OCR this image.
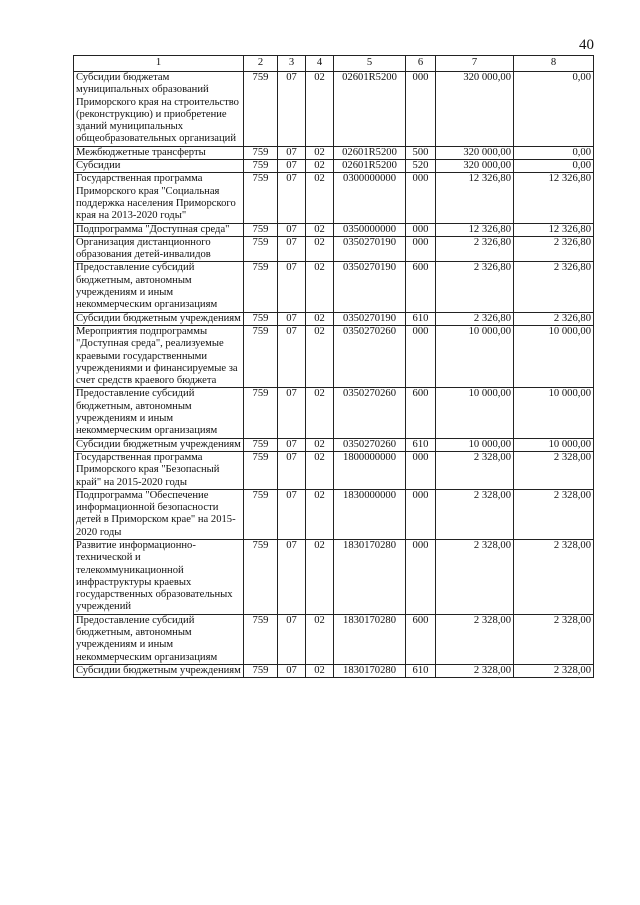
40
1	2	3	4	5	6	7	8
Субсидии бюджетам муниципальных образований Приморского края на строительство (реконструкцию) и приобретение зданий муниципальных общеобразовательных организаций	759	07	02	02601R5200	000	320 000,00	0,00
Межбюджетные трансферты	759	07	02	02601R5200	500	320 000,00	0,00
Субсидии	759	07	02	02601R5200	520	320 000,00	0,00
Государственная программа Приморского края "Социальная поддержка населения Приморского края на 2013-2020 годы"	759	07	02	0300000000	000	12 326,80	12 326,80
Подпрограмма "Доступная среда"	759	07	02	0350000000	000	12 326,80	12 326,80
Организация дистанционного образования детей-инвалидов	759	07	02	0350270190	000	2 326,80	2 326,80
Предоставление субсидий бюджетным, автономным учреждениям и иным некоммерческим организациям	759	07	02	0350270190	600	2 326,80	2 326,80
Субсидии бюджетным учреждениям	759	07	02	0350270190	610	2 326,80	2 326,80
Мероприятия подпрограммы "Доступная среда", реализуемые краевыми государственными учреждениями и финансируемые за счет средств краевого бюджета	759	07	02	0350270260	000	10 000,00	10 000,00
Предоставление субсидий бюджетным, автономным учреждениям и иным некоммерческим организациям	759	07	02	0350270260	600	10 000,00	10 000,00
Субсидии бюджетным учреждениям	759	07	02	0350270260	610	10 000,00	10 000,00
Государственная программа Приморского края "Безопасный край" на 2015-2020 годы	759	07	02	1800000000	000	2 328,00	2 328,00
Подпрограмма "Обеспечение информационной безопасности детей в Приморском крае" на 2015-2020 годы	759	07	02	1830000000	000	2 328,00	2 328,00
Развитие информационно-технической и телекоммуникационной инфраструктуры краевых государственных образовательных учреждений	759	07	02	1830170280	000	2 328,00	2 328,00
Предоставление субсидий бюджетным, автономным учреждениям и иным некоммерческим организациям	759	07	02	1830170280	600	2 328,00	2 328,00
Субсидии бюджетным учреждениям	759	07	02	1830170280	610	2 328,00	2 328,00
